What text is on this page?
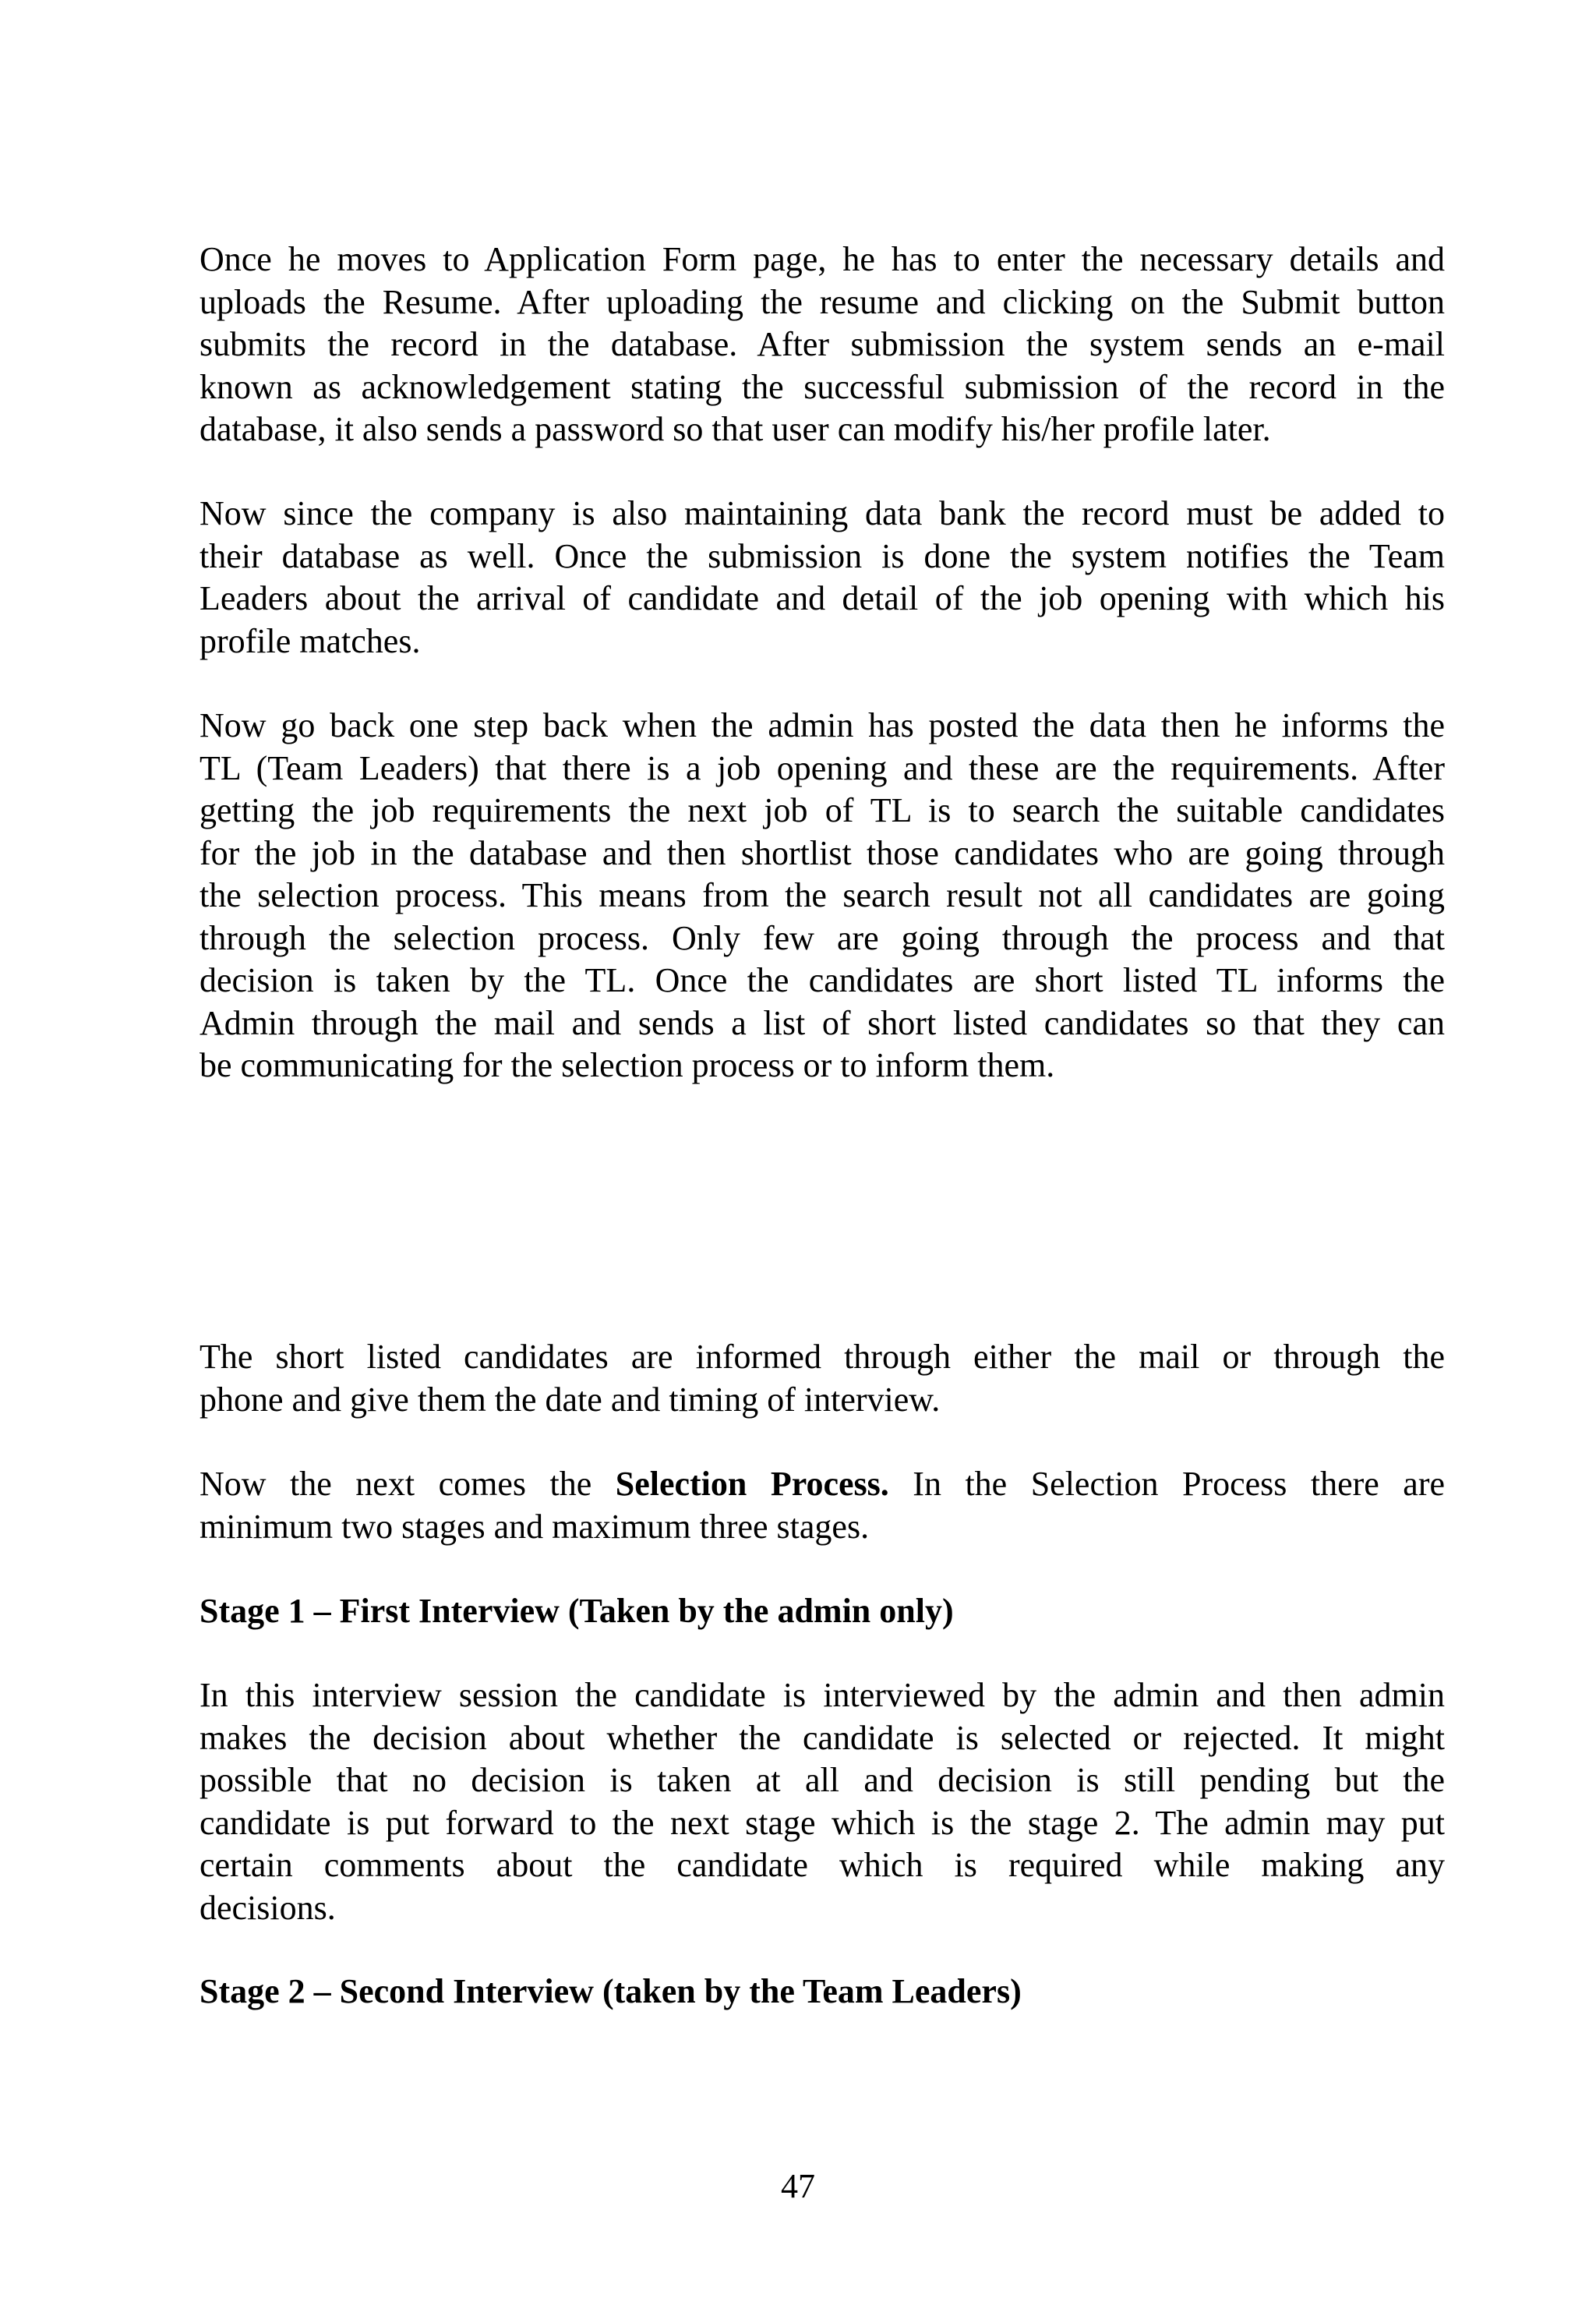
Once he moves to Application Form page, he has to enter the necessary details and
uploads the Resume. After uploading the resume and clicking on the Submit button
submits the record in the database. After submission the system sends an e-mail
known as acknowledgement stating the successful submission of the record in the
database, it also sends a password so that user can modify his/her profile later.

Now since the company is also maintaining data bank the record must be added to
their database as well. Once the submission is done the system notifies the Team
Leaders about the arrival of candidate and detail of the job opening with which his
profile matches.

Now go back one step back when the admin has posted the data then he informs the
TL (Team Leaders) that there is a job opening and these are the requirements. After
getting the job requirements the next job of TL is to search the suitable candidates
for the job in the database and then shortlist those candidates who are going through
the selection process. This means from the search result not all candidates are going
through the selection process. Only few are going through the process and that
decision is taken by the TL. Once the candidates are short listed TL informs the
Admin through the mail and sends a list of short listed candidates so that they can
be communicating for the selection process or to inform them.

The short listed candidates are informed through either the mail or through the
phone and give them the date and timing of interview.

Now the next comes the Selection Process. In the Selection Process there are
minimum two stages and maximum three stages.

Stage 1 – First Interview (Taken by the admin only)

In this interview session the candidate is interviewed by the admin and then admin
makes the decision about whether the candidate is selected or rejected. It might
possible that no decision is taken at all and decision is still pending but the
candidate is put forward to the next stage which is the stage 2. The admin may put
certain comments about the candidate which is required while making any
decisions.

Stage 2 – Second Interview (taken by the Team Leaders)

47
